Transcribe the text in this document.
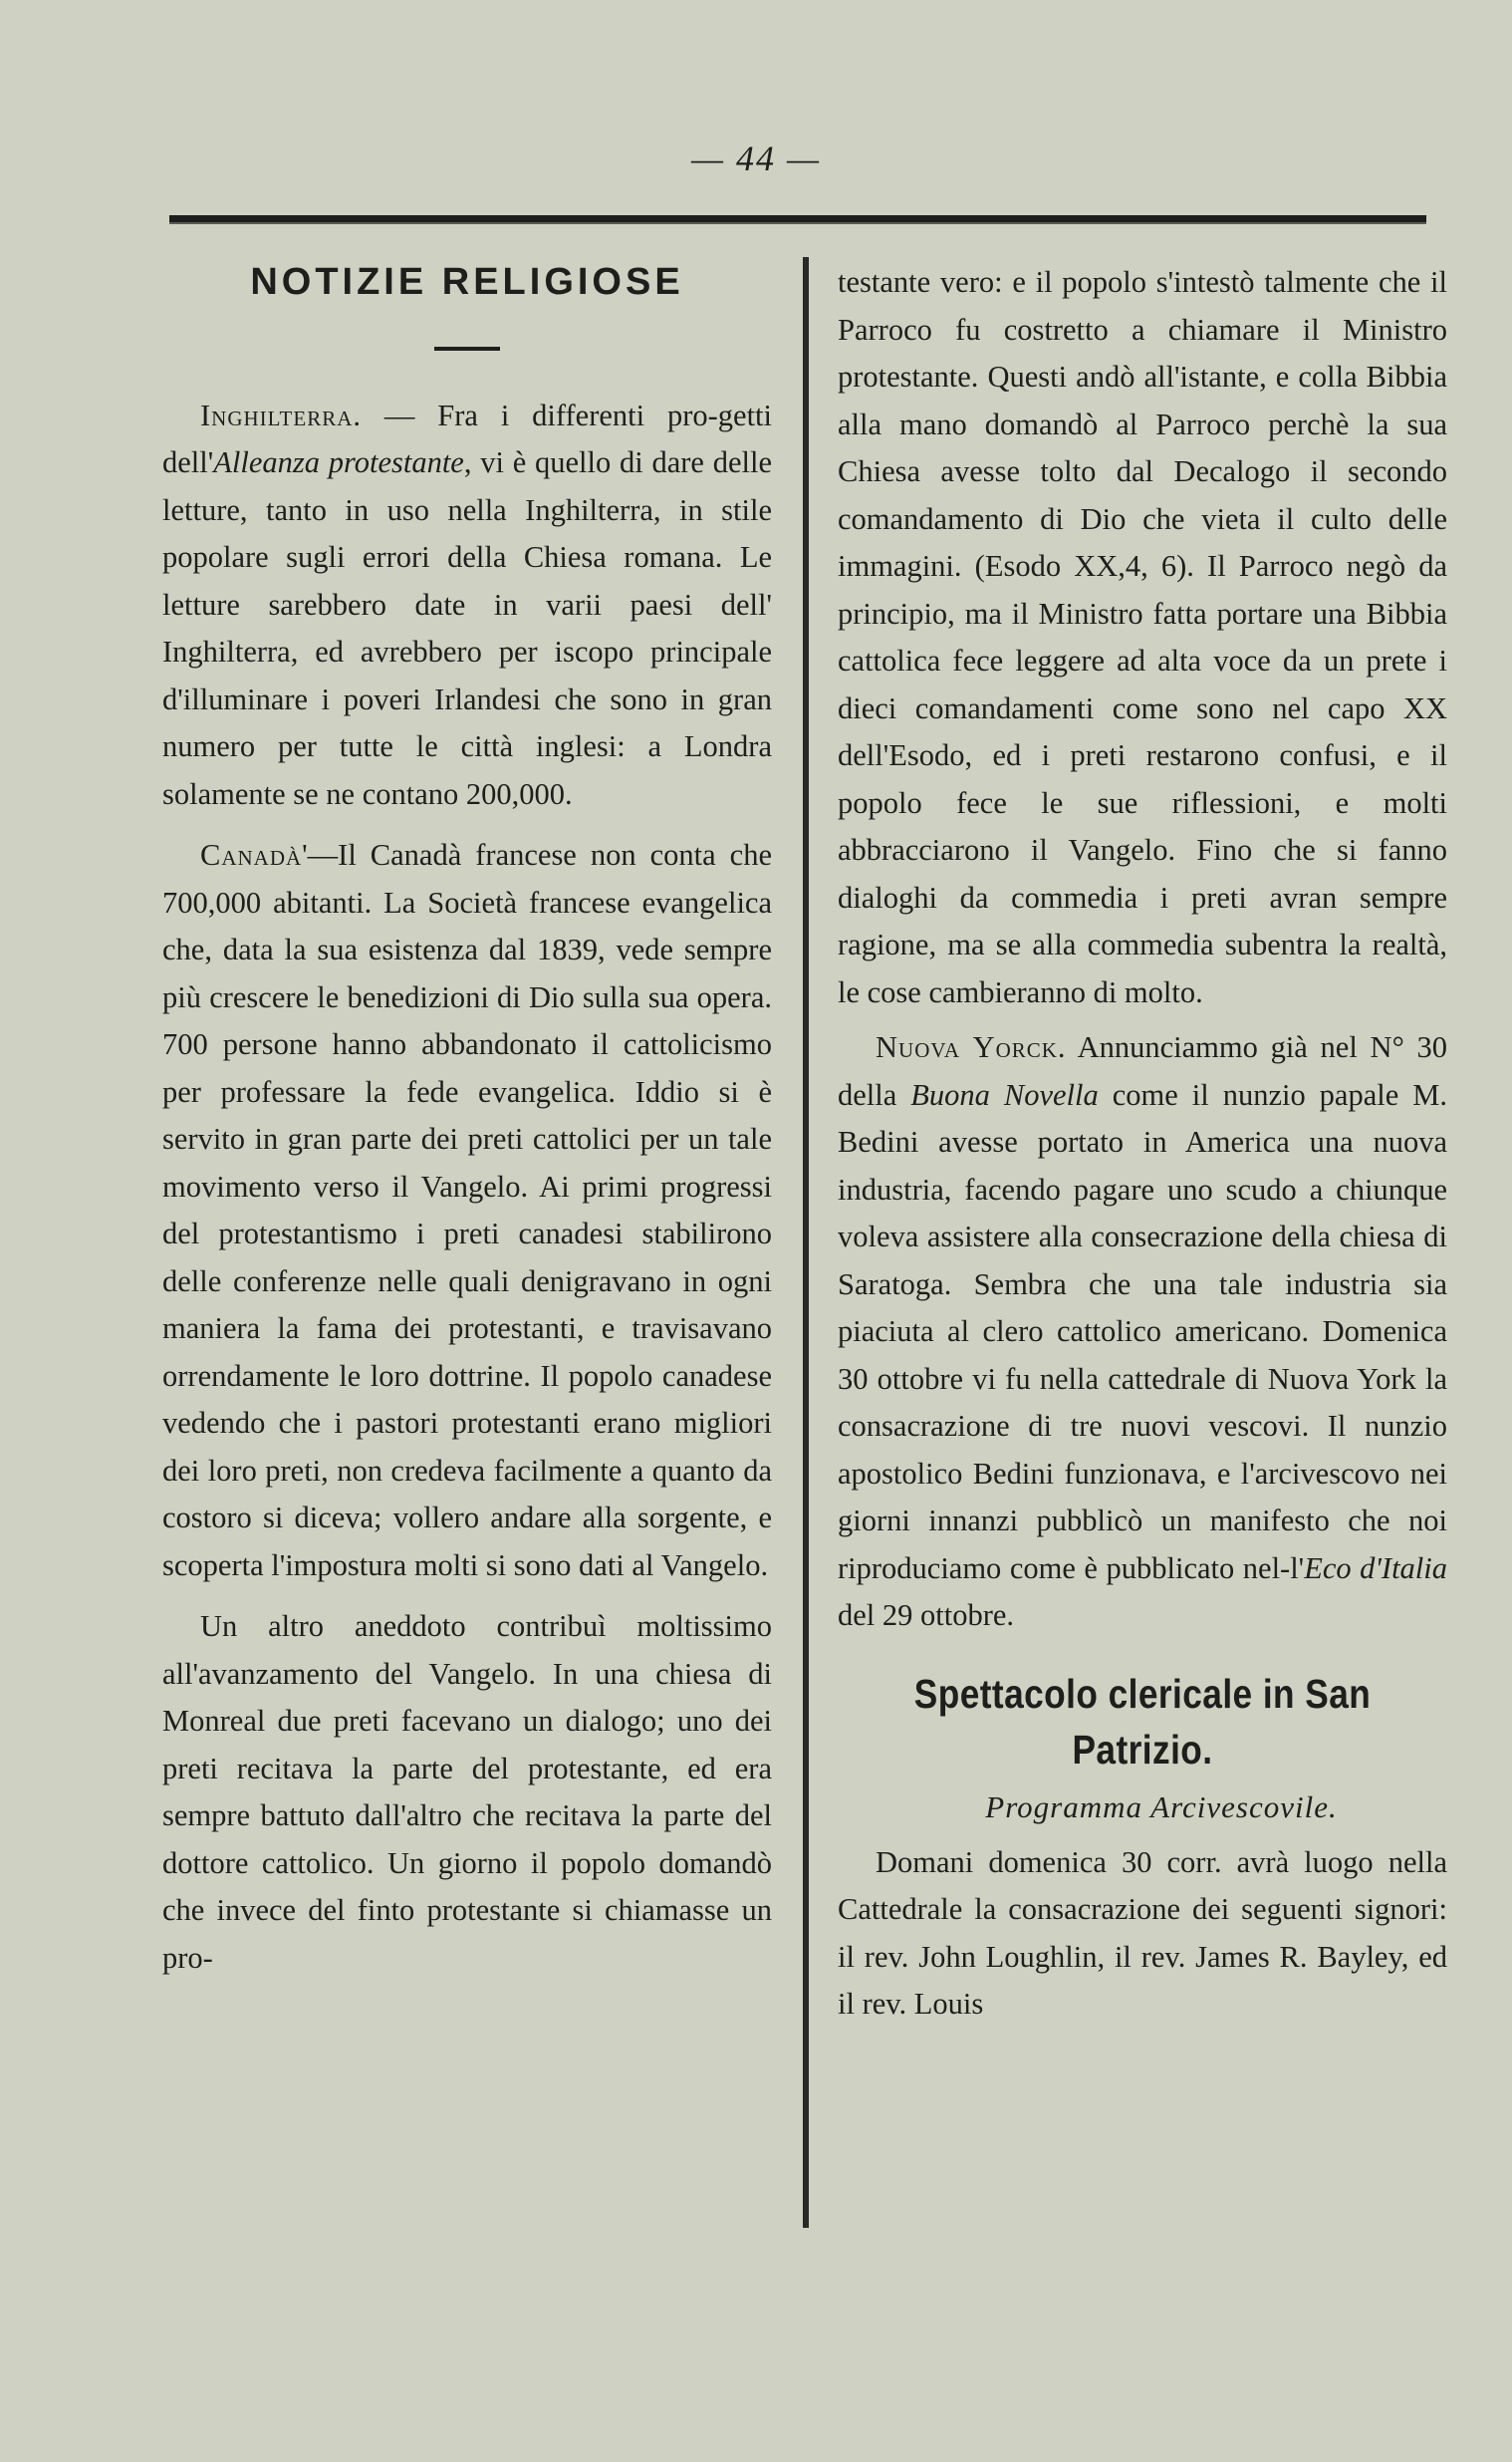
— 44 —
NOTIZIE RELIGIOSE

Inghilterra. — Fra i differenti pro-getti dell'Alleanza protestante, vi è quello di dare delle letture, tanto in uso nella Inghilterra, in stile popolare sugli errori della Chiesa romana. Le letture sarebbero date in varii paesi dell' Inghilterra, ed avrebbero per iscopo principale d'illuminare i poveri Irlandesi che sono in gran numero per tutte le città inglesi: a Londra solamente se ne contano 200,000.

Canadà'—Il Canadà francese non conta che 700,000 abitanti. La Società francese evangelica che, data la sua esistenza dal 1839, vede sempre più crescere le benedizioni di Dio sulla sua opera. 700 persone hanno abbandonato il cattolicismo per professare la fede evangelica. Iddio si è servito in gran parte dei preti cattolici per un tale movimento verso il Vangelo. Ai primi progressi del protestantismo i preti canadesi stabilirono delle conferenze nelle quali denigravano in ogni maniera la fama dei protestanti, e travisavano orrendamente le loro dottrine. Il popolo canadese vedendo che i pastori protestanti erano migliori dei loro preti, non credeva facilmente a quanto da costoro si diceva; vollero andare alla sorgente, e scoperta l'impostura molti si sono dati al Vangelo.

Un altro aneddoto contribuì moltissimo all'avanzamento del Vangelo. In una chiesa di Monreal due preti facevano un dialogo; uno dei preti recitava la parte del protestante, ed era sempre battuto dall'altro che recitava la parte del dottore cattolico. Un giorno il popolo domandò che invece del finto protestante si chiamasse un pro-

testante vero: e il popolo s'intestò talmente che il Parroco fu costretto a chiamare il Ministro protestante. Questi andò all'istante, e colla Bibbia alla mano domandò al Parroco perchè la sua Chiesa avesse tolto dal Decalogo il secondo comandamento di Dio che vieta il culto delle immagini. (Esodo XX,4, 6). Il Parroco negò da principio, ma il Ministro fatta portare una Bibbia cattolica fece leggere ad alta voce da un prete i dieci comandamenti come sono nel capo XX dell'Esodo, ed i preti restarono confusi, e il popolo fece le sue riflessioni, e molti abbracciarono il Vangelo. Fino che si fanno dialoghi da commedia i preti avran sempre ragione, ma se alla commedia subentra la realtà, le cose cambieranno di molto.

Nuova Yorck. Annunciammo già nel N° 30 della Buona Novella come il nunzio papale M. Bedini avesse portato in America una nuova industria, facendo pagare uno scudo a chiunque voleva assistere alla consecrazione della chiesa di Saratoga. Sembra che una tale industria sia piaciuta al clero cattolico americano. Domenica 30 ottobre vi fu nella cattedrale di Nuova York la consacrazione di tre nuovi vescovi. Il nunzio apostolico Bedini funzionava, e l'arcivescovo nei giorni innanzi pubblicò un manifesto che noi riproduciamo come è pubblicato nel-l'Eco d'Italia del 29 ottobre.

Spettacolo clericale in San Patrizio.

Programma Arcivescovile.

Domani domenica 30 corr. avrà luogo nella Cattedrale la consacrazione dei seguenti signori: il rev. John Loughlin, il rev. James R. Bayley, ed il rev. Louis
